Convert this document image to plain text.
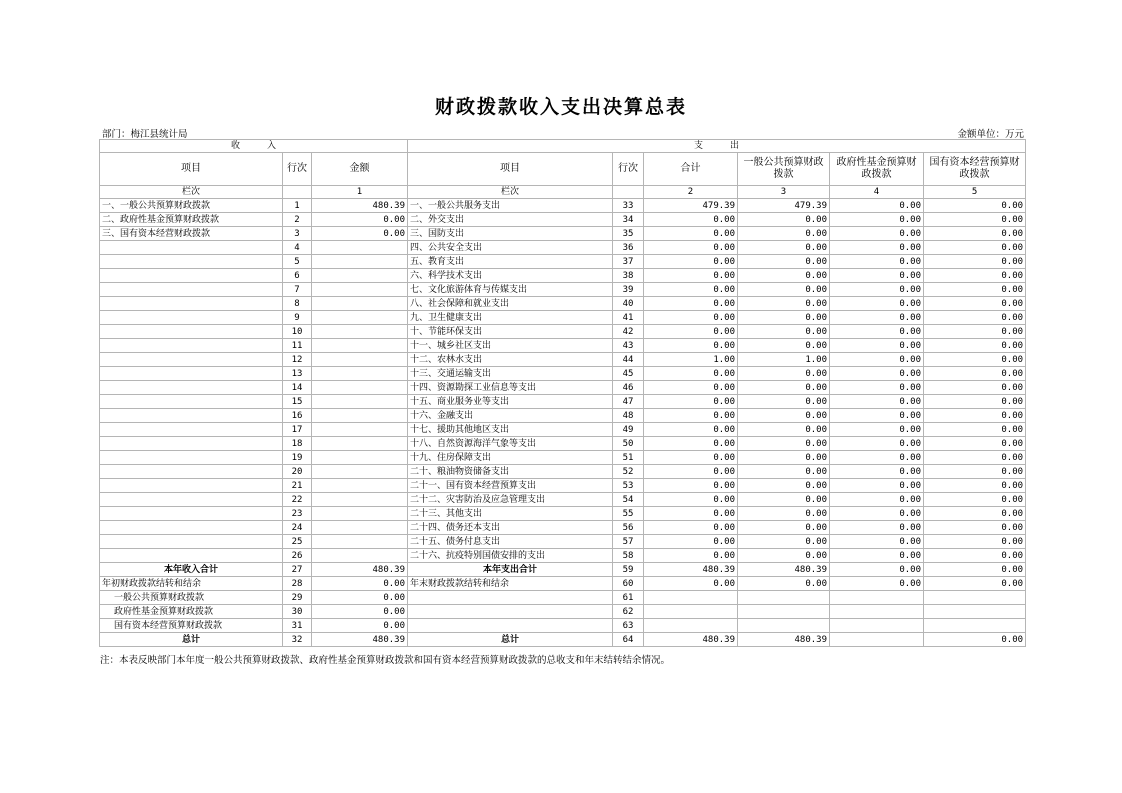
财政拨款收入支出决算总表
部门：梅江县统计局	金额单位：万元
收　　　入			支　　　出					
项目	行次	金额	项目	行次	合计	一般公共预算财政拨款	政府性基金预算财政拨款	国有资本经营预算财政拨款
栏次		1	栏次		2	3	4	5
一、一般公共预算财政拨款	1	480.39	一、一般公共服务支出	33	479.39	479.39	0.00	0.00
二、政府性基金预算财政拨款	2	0.00	二、外交支出	34	0.00	0.00	0.00	0.00
三、国有资本经营财政拨款	3	0.00	三、国防支出	35	0.00	0.00	0.00	0.00
	4		四、公共安全支出	36	0.00	0.00	0.00	0.00
	5		五、教育支出	37	0.00	0.00	0.00	0.00
	6		六、科学技术支出	38	0.00	0.00	0.00	0.00
	7		七、文化旅游体育与传媒支出	39	0.00	0.00	0.00	0.00
	8		八、社会保障和就业支出	40	0.00	0.00	0.00	0.00
	9		九、卫生健康支出	41	0.00	0.00	0.00	0.00
	10		十、节能环保支出	42	0.00	0.00	0.00	0.00
	11		十一、城乡社区支出	43	0.00	0.00	0.00	0.00
	12		十二、农林水支出	44	1.00	1.00	0.00	0.00
	13		十三、交通运输支出	45	0.00	0.00	0.00	0.00
	14		十四、资源勘探工业信息等支出	46	0.00	0.00	0.00	0.00
	15		十五、商业服务业等支出	47	0.00	0.00	0.00	0.00
	16		十六、金融支出	48	0.00	0.00	0.00	0.00
	17		十七、援助其他地区支出	49	0.00	0.00	0.00	0.00
	18		十八、自然资源海洋气象等支出	50	0.00	0.00	0.00	0.00
	19		十九、住房保障支出	51	0.00	0.00	0.00	0.00
	20		二十、粮油物资储备支出	52	0.00	0.00	0.00	0.00
	21		二十一、国有资本经营预算支出	53	0.00	0.00	0.00	0.00
	22		二十二、灾害防治及应急管理支出	54	0.00	0.00	0.00	0.00
	23		二十三、其他支出	55	0.00	0.00	0.00	0.00
	24		二十四、债务还本支出	56	0.00	0.00	0.00	0.00
	25		二十五、债务付息支出	57	0.00	0.00	0.00	0.00
	26		二十六、抗疫特别国债安排的支出	58	0.00	0.00	0.00	0.00
本年收入合计	27	480.39	本年支出合计	59	480.39	480.39	0.00	0.00
年初财政拨款结转和结余	28	0.00	年末财政拨款结转和结余	60	0.00	0.00	0.00	0.00
一般公共预算财政拨款	29	0.00		61				
政府性基金预算财政拨款	30	0.00		62				
国有资本经营预算财政拨款	31	0.00		63				
总计	32	480.39	总计	64	480.39	480.39		0.00
注：本表反映部门本年度一般公共预算财政拨款、政府性基金预算财政拨款和国有资本经营预算财政拨款的总收支和年末结转结余情况。
